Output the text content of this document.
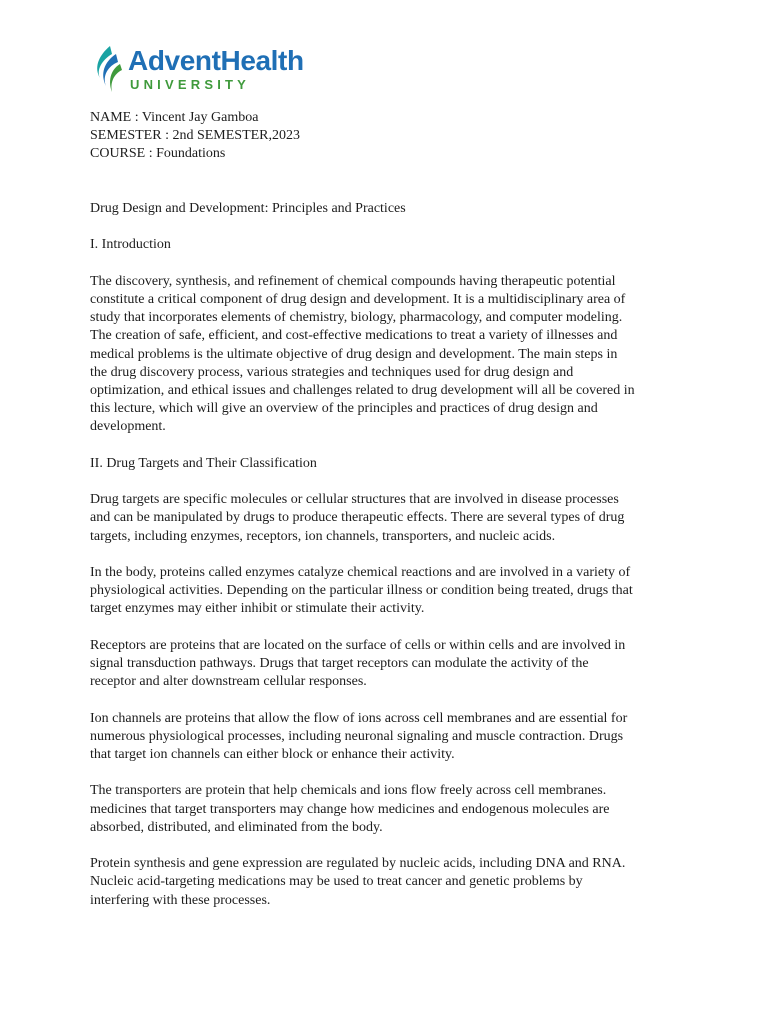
AdventHealth
UNIVERSITY

NAME : Vincent Jay Gamboa

SEMESTER : 2nd SEMESTER,2023

COURSE : Foundations

Drug Design and Development: Principles and Practices

I. Introduction

The discovery, synthesis, and refinement of chemical compounds having therapeutic potential
constitute a critical component of drug design and development. It is a multidisciplinary area of
study that incorporates elements of chemistry, biology, pharmacology, and computer modeling.
The creation of safe, efficient, and cost-effective medications to treat a variety of illnesses and
medical problems is the ultimate objective of drug design and development. The main steps in
the drug discovery process, various strategies and techniques used for drug design and
optimization, and ethical issues and challenges related to drug development will all be covered in
this lecture, which will give an overview of the principles and practices of drug design and
development.

II. Drug Targets and Their Classification

Drug targets are specific molecules or cellular structures that are involved in disease processes
and can be manipulated by drugs to produce therapeutic effects. There are several types of drug
targets, including enzymes, receptors, ion channels, transporters, and nucleic acids.

In the body, proteins called enzymes catalyze chemical reactions and are involved in a variety of
physiological activities. Depending on the particular illness or condition being treated, drugs that
target enzymes may either inhibit or stimulate their activity.

Receptors are proteins that are located on the surface of cells or within cells and are involved in
signal transduction pathways. Drugs that target receptors can modulate the activity of the
receptor and alter downstream cellular responses.

Ion channels are proteins that allow the flow of ions across cell membranes and are essential for
numerous physiological processes, including neuronal signaling and muscle contraction. Drugs
that target ion channels can either block or enhance their activity.

The transporters are protein that help chemicals and ions flow freely across cell membranes.
medicines that target transporters may change how medicines and endogenous molecules are
absorbed, distributed, and eliminated from the body.

Protein synthesis and gene expression are regulated by nucleic acids, including DNA and RNA.
Nucleic acid-targeting medications may be used to treat cancer and genetic problems by
interfering with these processes.
